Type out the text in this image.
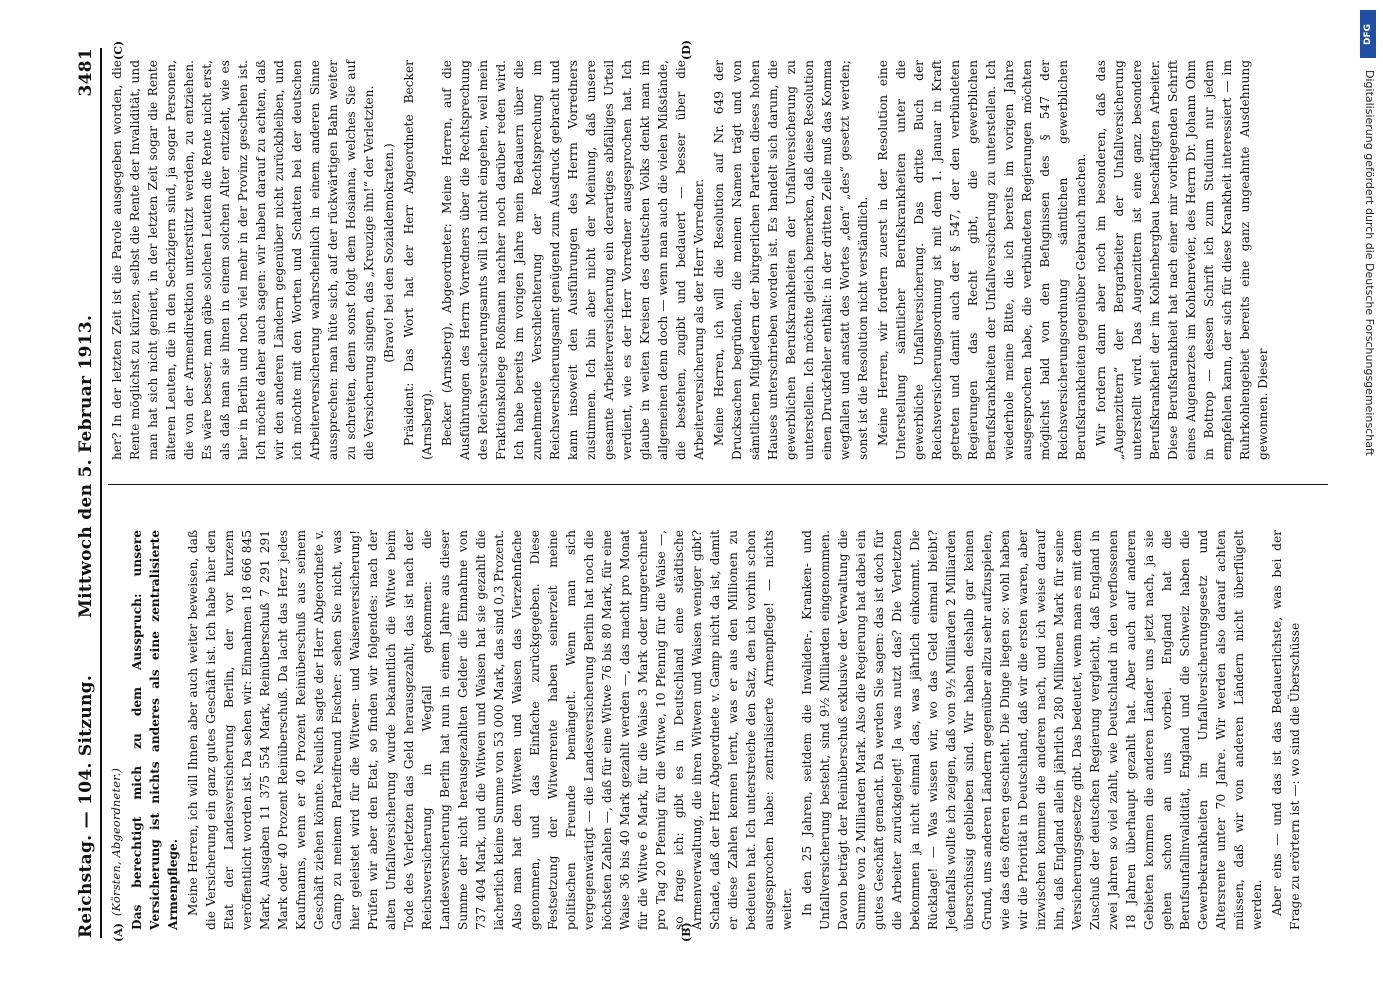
Reichstag. — 104. Sitzung.
Mittwoch den 5. Februar 1913.
3481
(A)	(B)
(C)	(D)

(Körsten, Abgeordneter.) Das berechtigt mich zu dem Ausspruch: unsere Versicherung ist nichts anderes als eine zentralisierte Armenpflege. Meine Herren, ich will Ihnen aber auch weiter beweisen, daß die Versicherung ein ganz gutes Geschäft ist. Ich habe hier den Etat der Landesversicherung Berlin, der vor kurzem veröffentlicht worden ist. Da sehen wir: Einnahmen 18 666 845 Mark, Ausgaben 11 375 554 Mark, Reinüberschuß 7 291 291 Mark oder 40 Prozent Reinüberschuß. Da lacht das Herz jedes Kaufmanns, wenn er 40 Prozent Reinüberschuß aus seinem Geschäft ziehen könnte. Neulich sagte der Herr Abgeordnete v. Gamp zu meinem Parteifreund Fischer: sehen Sie nicht, was hier geleistet wird für die Witwen- und Waisenversicherung! Prüfen wir aber den Etat, so finden wir folgendes: nach der alten Unfallversicherung wurde bekanntlich die Witwe beim Tode des Verletzten das Geld herausgezahlt, das ist nach der Reichsversicherung in Wegfall gekommen: die Landesversicherung Berlin hat nun in einem Jahre aus dieser Summe der nicht herausgezahlten Gelder die Einnahme von 737 404 Mark, und die Witwen und Waisen hat sie gezahlt die lächerlich kleine Summe von 53 000 Mark, das sind 0,3 Prozent. Also man hat den Witwen und Waisen das Vierzehnfache genommen, und das Einfache zurückgegeben. Diese Festsetzung der Witwenrente haben seinerzeit meine politischen Freunde bemängelt. Wenn man sich vergegenwärtigt — die Landesversicherung Berlin hat noch die höchsten Zahlen —, daß für eine Witwe 76 bis 80 Mark, für eine Waise 36 bis 40 Mark gezahlt werden —, das macht pro Monat für die Witwe 6 Mark, für die Waise 3 Mark oder umgerechnet pro Tag 20 Pfennig für die Witwe, 10 Pfennig für die Waise —, so frage ich: gibt es in Deutschland eine städtische Armenverwaltung, die ihren Witwen und Waisen weniger gibt? Schade, daß der Herr Abgeordnete v. Gamp nicht da ist, damit er diese Zahlen kennen lernt, was er aus den Millionen zu bedeuten hat. Ich unterstreiche den Satz, den ich vorhin schon ausgesprochen habe: zentralisierte Armenpflege! — nichts weiter. In den 25 Jahren, seitdem die Invaliden-, Kranken- und Unfallversicherung besteht, sind 9½ Milliarden eingenommen. Davon beträgt der Reinüberschuß exklusive der Verwaltung die Summe von 2 Milliarden Mark. Also die Regierung hat dabei ein gutes Geschäft gemacht. Da werden Sie sagen: das ist doch für die Arbeiter zurückgelegt! Ja was nutzt das? Die Verletzten bekommen ja nicht einmal das, was jährlich einkommt. Die Rücklage! — Was wissen wir, wo das Geld einmal bleibt? Jedenfalls wollte ich zeigen, daß von 9½ Milliarden 2 Milliarden überschüssig geblieben sind. Wir haben deshalb gar keinen Grund, uns anderen Ländern gegenüber allzu sehr aufzuspielen, wie das des öfteren geschieht. Die Dinge liegen so: wohl haben wir die Priorität in Deutschland, daß wir die ersten waren, aber inzwischen kommen die anderen nach, und ich weise darauf hin, daß England allein jährlich 280 Millionen Mark für seine Versicherungsgesetze gibt. Das bedeutet, wenn man es mit dem Zuschuß der deutschen Regierung vergleicht, daß England in zwei Jahren so viel zahlt, wie Deutschland in den verflossenen 18 Jahren überhaupt gezahlt hat. Aber auch auf anderen Gebieten kommen die anderen Länder uns jetzt nach, ja sie gehen schon an uns vorbei. England hat die Berufsunfallinvalidität, England und die Schweiz haben die Gewerbekrankheiten im Unfallversicherungsgesetz und Altersrente unter 70 Jahre. Wir werden also darauf achten müssen, daß wir von anderen Ländern nicht überflügelt werden. Aber eins — und das ist das Bedauerlichste, was bei der Frage zu erörtern ist —: wo sind die Überschüsse

her? In der letzten Zeit ist die Parole ausgegeben worden, die Rente möglichst zu kürzen, selbst die Rente der Invalidität, und man hat sich nicht geniert, in der letzten Zeit sogar die Rente älteren Leuten, die in den Sechzigern sind, ja sogar Personen, die von der Armendirektion unterstützt werden, zu entziehen. Es wäre besser, man gäbe solchen Leuten die Rente nicht erst, als daß man sie ihnen in einem solchen Alter entzieht, wie es hier in Berlin und noch viel mehr in der Provinz geschehen ist. Ich möchte daher auch sagen: wir haben darauf zu achten, daß wir den anderen Ländern gegenüber nicht zurückbleiben, und ich möchte mit den Worten und Schatten bei der deutschen Arbeiterversicherung wahrscheinlich in einem anderen Sinne aussprechen: man hüte sich, auf der rückwärtigen Bahn weiter zu schreiten, denn sonst folgt dem Hosianna, welches Sie auf die Versicherung singen, das „Kreuzige ihn!“ der Verletzten. (Bravo! bei den Sozialdemokraten.) Präsident: Das Wort hat der Herr Abgeordnete Becker (Arnsberg). Becker (Arnsberg), Abgeordneter: Meine Herren, auf die Ausführungen des Herrn Vorredners über die Rechtsprechung des Reichsversicherungsamts will ich nicht eingehen, weil mein Fraktionskollege Roßmann nachher noch darüber reden wird. Ich habe bereits im vorigen Jahre mein Bedauern über die zunehmende Verschlechterung der Rechtsprechung im Reichsversicherungsamt genügend zum Ausdruck gebracht und kann insoweit den Ausführungen des Herrn Vorredners zustimmen. Ich bin aber nicht der Meinung, daß unsere gesamte Arbeiterversicherung ein derartiges abfälliges Urteil verdient, wie es der Herr Vorredner ausgesprochen hat. Ich glaube in weiten Kreisen des deutschen Volks denkt man im allgemeinen denn doch — wenn man auch die vielen Mißstände, die bestehen, zugibt und bedauert — besser über die Arbeiterversicherung als der Herr Vorredner. Meine Herren, ich will die Resolution auf Nr. 649 der Drucksachen begründen, die meinen Namen trägt und von sämtlichen Mitgliedern der bürgerlichen Parteien dieses hohen Hauses unterschrieben worden ist. Es handelt sich darum, die gewerblichen Berufskrankheiten der Unfallversicherung zu unterstellen. Ich möchte gleich bemerken, daß diese Resolution einen Druckfehler enthält: in der dritten Zeile muß das Komma wegfallen und anstatt des Wortes „den“ „des“ gesetzt werden; sonst ist die Resolution nicht verständlich. Meine Herren, wir fordern zuerst in der Resolution eine Unterstellung sämtlicher Berufskrankheiten unter die gewerbliche Unfallversicherung. Das dritte Buch der Reichsversicherungsordnung ist mit dem 1. Januar in Kraft getreten und damit auch der § 547, der den verbündeten Regierungen das Recht gibt, die gewerblichen Berufskrankheiten der Unfallversicherung zu unterstellen. Ich wiederhole meine Bitte, die ich bereits im vorigen Jahre ausgesprochen habe, die verbündeten Regierungen möchten möglichst bald von den Befugnissen des § 547 der Reichsversicherungsordnung sämtlichen gewerblichen Berufskrankheiten gegenüber Gebrauch machen. Wir fordern dann aber noch im besonderen, daß das „Augenzittern“ der Bergarbeiter der Unfallversicherung unterstellt wird. Das Augenzittern ist eine ganz besondere Berufskrankheit der im Kohlenbergbau beschäftigten Arbeiter. Diese Berufskrankheit hat nach einer mir vorliegenden Schrift eines Augenarztes im Kohlenrevier, des Herrn Dr. Johann Ohm in Bottrop — dessen Schrift ich zum Studium nur jedem empfehlen kann, der sich für diese Krankheit interessiert — im Ruhrkohlengebiet bereits eine ganz ungeahnte Ausdehnung gewonnen. Dieser

DFG
Digitalisierung gefördert durch die Deutsche Forschungsgemeinschaft
